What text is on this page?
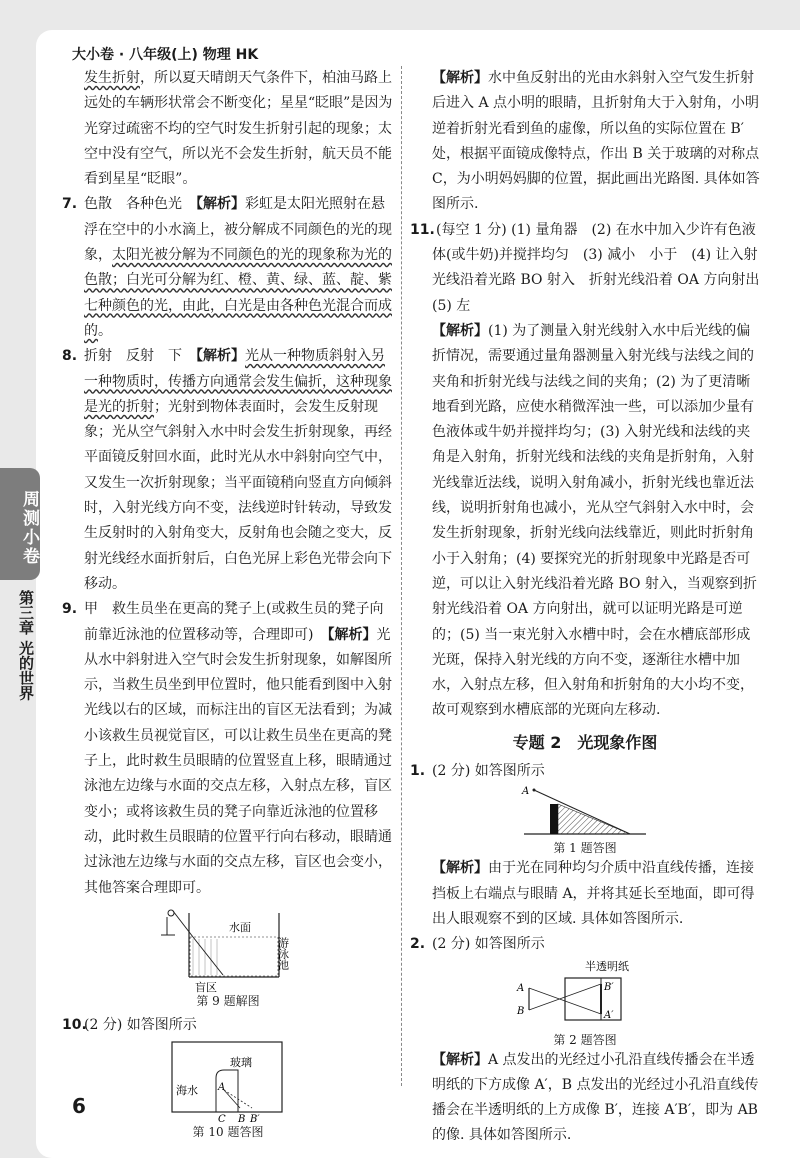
大小卷 · 八年级(上) 物理 HK
周测小卷
第三章 光的世界

发生折射，所以夏天晴朗天气条件下，柏油马路上远处的车辆形状常会不断变化；星星“眨眼”是因为光穿过疏密不均的空气时发生折射引起的现象；太空中没有空气，所以光不会发生折射，航天员不能看到星星“眨眼”。

7. 色散　各种色光　【解析】彩虹是太阳光照射在悬浮在空中的小水滴上，被分解成不同颜色的光的现象，太阳光被分解为不同颜色的光的现象称为光的色散；白光可分解为红、橙、黄、绿、蓝、靛、紫七种颜色的光，由此，白光是由各种色光混合而成的。

8. 折射　反射　下　【解析】光从一种物质斜射入另一种物质时，传播方向通常会发生偏折，这种现象是光的折射；光射到物体表面时，会发生反射现象；光从空气斜射入水中时会发生折射现象，再经平面镜反射回水面，此时光从水中斜射向空气中，又发生一次折射现象；当平面镜稍向竖直方向倾斜时，入射光线方向不变，法线逆时针转动，导致发生反射时的入射角变大，反射角也会随之变大，反射光线经水面折射后，白色光屏上彩色光带会向下移动。

9. 甲　救生员坐在更高的凳子上(或救生员的凳子向前靠近泳池的位置移动等，合理即可)　【解析】光从水中斜射进入空气时会发生折射现象，如解图所示，当救生员坐到甲位置时，他只能看到图中入射光线以右的区域，而标注出的盲区无法看到；为减小该救生员视觉盲区，可以让救生员坐在更高的凳子上，此时救生员眼睛的位置竖直上移，眼睛通过泳池左边缘与水面的交点左移，入射点左移，盲区变小；或将该救生员的凳子向靠近泳池的位置移动，此时救生员眼睛的位置平行向右移动，眼睛通过泳池左边缘与水面的交点左移，盲区也会变小，其他答案合理即可。

水面
游泳池
盲区
第 9 题解图

10.(2 分) 如答图所示

玻璃
海水 A
C B B′
第 10 题答图

【解析】水中鱼反射出的光由水斜射入空气发生折射后进入 A 点小明的眼睛，且折射角大于入射角，小明逆着折射光看到鱼的虚像，所以鱼的实际位置在 B′处，根据平面镜成像特点，作出 B 关于玻璃的对称点 C，为小明妈妈脚的位置，据此画出光路图. 具体如答图所示.

11.(每空 1 分) (1) 量角器　(2) 在水中加入少许有色液体(或牛奶)并搅拌均匀　(3) 减小　小于　(4) 让入射光线沿着光路 BO 射入　折射光线沿着 OA 方向射出　(5) 左

【解析】(1) 为了测量入射光线射入水中后光线的偏折情况，需要通过量角器测量入射光线与法线之间的夹角和折射光线与法线之间的夹角；(2) 为了更清晰地看到光路，应使水稍微浑浊一些，可以添加少量有色液体或牛奶并搅拌均匀；(3) 入射光线和法线的夹角是入射角，折射光线和法线的夹角是折射角，入射光线靠近法线，说明入射角减小，折射光线也靠近法线，说明折射角也减小，光从空气斜射入水中时，会发生折射现象，折射光线向法线靠近，则此时折射角小于入射角；(4) 要探究光的折射现象中光路是否可逆，可以让入射光线沿着光路 BO 射入，当观察到折射光线沿着 OA 方向射出，就可以证明光路是可逆的；(5) 当一束光射入水槽中时，会在水槽底部形成光斑，保持入射光线的方向不变，逐渐往水槽中加水，入射点左移，但入射角和折射角的大小均不变，故可观察到水槽底部的光斑向左移动.

专题 2　光现象作图

1. (2 分) 如答图所示

A
第 1 题答图

【解析】由于光在同种均匀介质中沿直线传播，连接挡板上右端点与眼睛 A，并将其延长至地面，即可得出人眼观察不到的区域. 具体如答图所示.

2. (2 分) 如答图所示

半透明纸
A
B	A′
B′
第 2 题答图

【解析】A 点发出的光经过小孔沿直线传播会在半透明纸的下方成像 A′，B 点发出的光经过小孔沿直线传播会在半透明纸的上方成像 B′，连接 A′B′，即为 AB 的像. 具体如答图所示.

6
